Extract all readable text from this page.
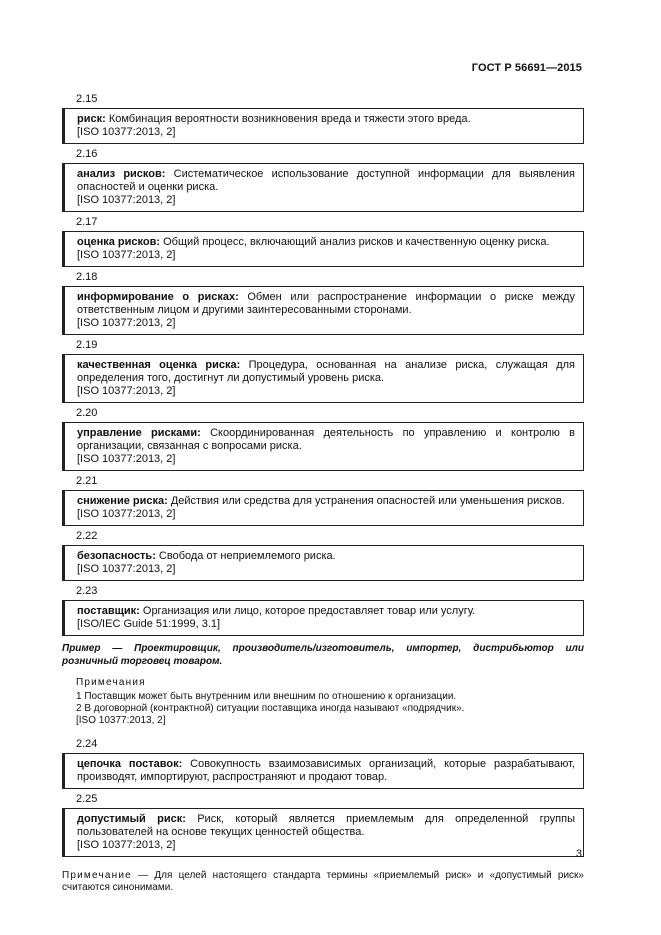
ГОСТ Р 56691—2015
2.15

риск: Комбинация вероятности возникновения вреда и тяжести этого вреда.

[ISO 10377:2013, 2]

2.16

анализ рисков: Систематическое использование доступной информации для выявления опасностей и оценки риска.

[ISO 10377:2013, 2]

2.17

оценка рисков: Общий процесс, включающий анализ рисков и качественную оценку риска.

[ISO 10377:2013, 2]

2.18

информирование о рисках: Обмен или распространение информации о риске между ответственным лицом и другими заинтересованными сторонами.

[ISO 10377:2013, 2]

2.19

качественная оценка риска: Процедура, основанная на анализе риска, служащая для определения того, достигнут ли допустимый уровень риска.

[ISO 10377:2013, 2]

2.20

управление рисками: Скоординированная деятельность по управлению и контролю в организации, связанная с вопросами риска.

[ISO 10377:2013, 2]

2.21

снижение риска: Действия или средства для устранения опасностей или уменьшения рисков.

[ISO 10377:2013, 2]

2.22

безопасность: Свобода от неприемлемого риска.

[ISO 10377:2013, 2]

2.23

поставщик: Организация или лицо, которое предоставляет товар или услугу.

[ISO/IEC Guide 51:1999, 3.1]

Пример — Проектировщик, производитель/изготовитель, импортер, дистрибьютор или розничный торговец товаром.
Примечания

1 Поставщик может быть внутренним или внешним по отношению к организации.

2 В договорной (контрактной) ситуации поставщика иногда называют «подрядчик».

[ISO 10377:2013, 2]

2.24

цепочка поставок: Совокупность взаимозависимых организаций, которые разрабатывают, производят, импортируют, распространяют и продают товар.

2.25

допустимый риск: Риск, который является приемлемым для определенной группы пользователей на основе текущих ценностей общества.

[ISO 10377:2013, 2]

Примечание — Для целей настоящего стандарта термины «приемлемый риск» и «допустимый риск» считаются синонимами.
3
